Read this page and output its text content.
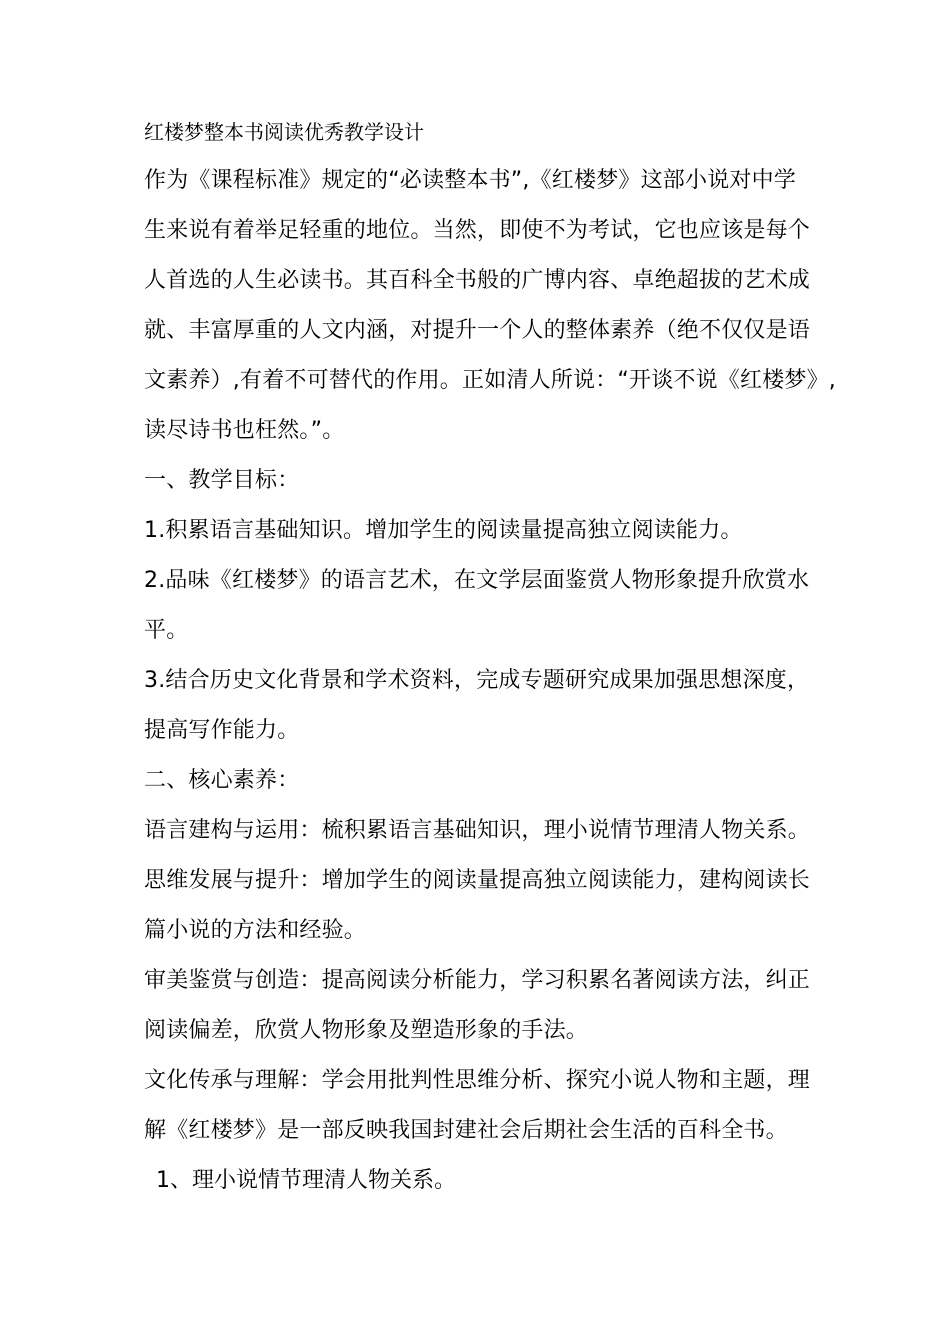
红楼梦整本书阅读优秀教学设计

作为《课程标准》规定的“必读整本书”,《红楼梦》这部小说对中学
生来说有着举足轻重的地位。当然，即使不为考试，它也应该是每个
人首选的人生必读书。其百科全书般的广博内容、卓绝超拔的艺术成
就、丰富厚重的人文内涵，对提升一个人的整体素养（绝不仅仅是语
文素养）,有着不可替代的作用。正如清人所说：“开谈不说《红楼梦》,
读尽诗书也枉然。”。

一、教学目标：

1.积累语言基础知识。增加学生的阅读量提高独立阅读能力。

2.品味《红楼梦》的语言艺术，在文学层面鉴赏人物形象提升欣赏水
平。

3.结合历史文化背景和学术资料，完成专题研究成果加强思想深度，
提高写作能力。

二、核心素养：

语言建构与运用：梳积累语言基础知识，理小说情节理清人物关系。

思维发展与提升：增加学生的阅读量提高独立阅读能力，建构阅读长
篇小说的方法和经验。

审美鉴赏与创造：提高阅读分析能力，学习积累名著阅读方法，纠正
阅读偏差，欣赏人物形象及塑造形象的手法。

文化传承与理解：学会用批判性思维分析、探究小说人物和主题，理
解《红楼梦》是一部反映我国封建社会后期社会生活的百科全书。

1、理小说情节理清人物关系。
